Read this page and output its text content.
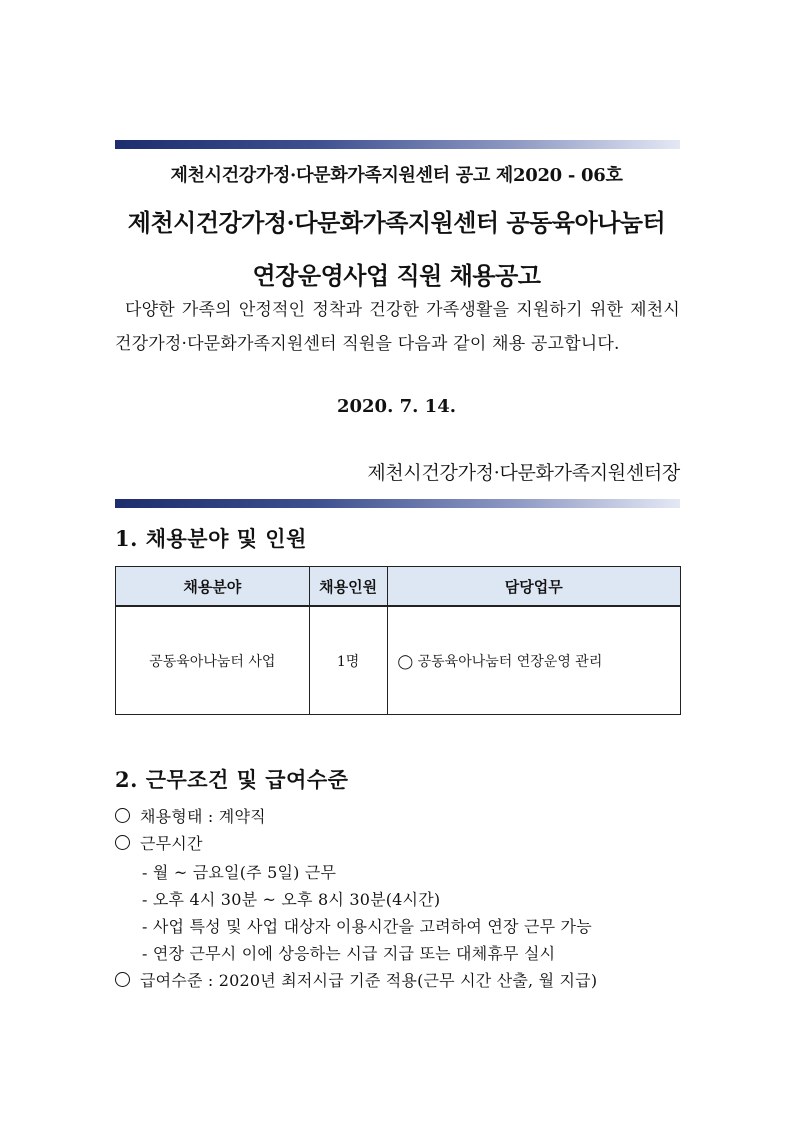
제천시건강가정·다문화가족지원센터 공고 제2020 - 06호
제천시건강가정·다문화가족지원센터 공동육아나눔터
연장운영사업 직원 채용공고
다양한 가족의 안정적인 정착과 건강한 가족생활을 지원하기 위한 제천시건강가정·다문화가족지원센터 직원을 다음과 같이 채용 공고합니다.
2020. 7. 14.
제천시건강가정·다문화가족지원센터장
1. 채용분야 및 인원
채용분야	채용인원	담당업무
공동육아나눔터 사업	1명	◯ 공동육아나눔터 연장운영 관리
2. 근무조건 및 급여수준
채용형태 : 계약직
근무시간
- 월 ~ 금요일(주 5일) 근무
- 오후 4시 30분 ~ 오후 8시 30분(4시간)
- 사업 특성 및 사업 대상자 이용시간을 고려하여 연장 근무 가능
- 연장 근무시 이에 상응하는 시급 지급 또는 대체휴무 실시
급여수준 : 2020년 최저시급 기준 적용(근무 시간 산출, 월 지급)
